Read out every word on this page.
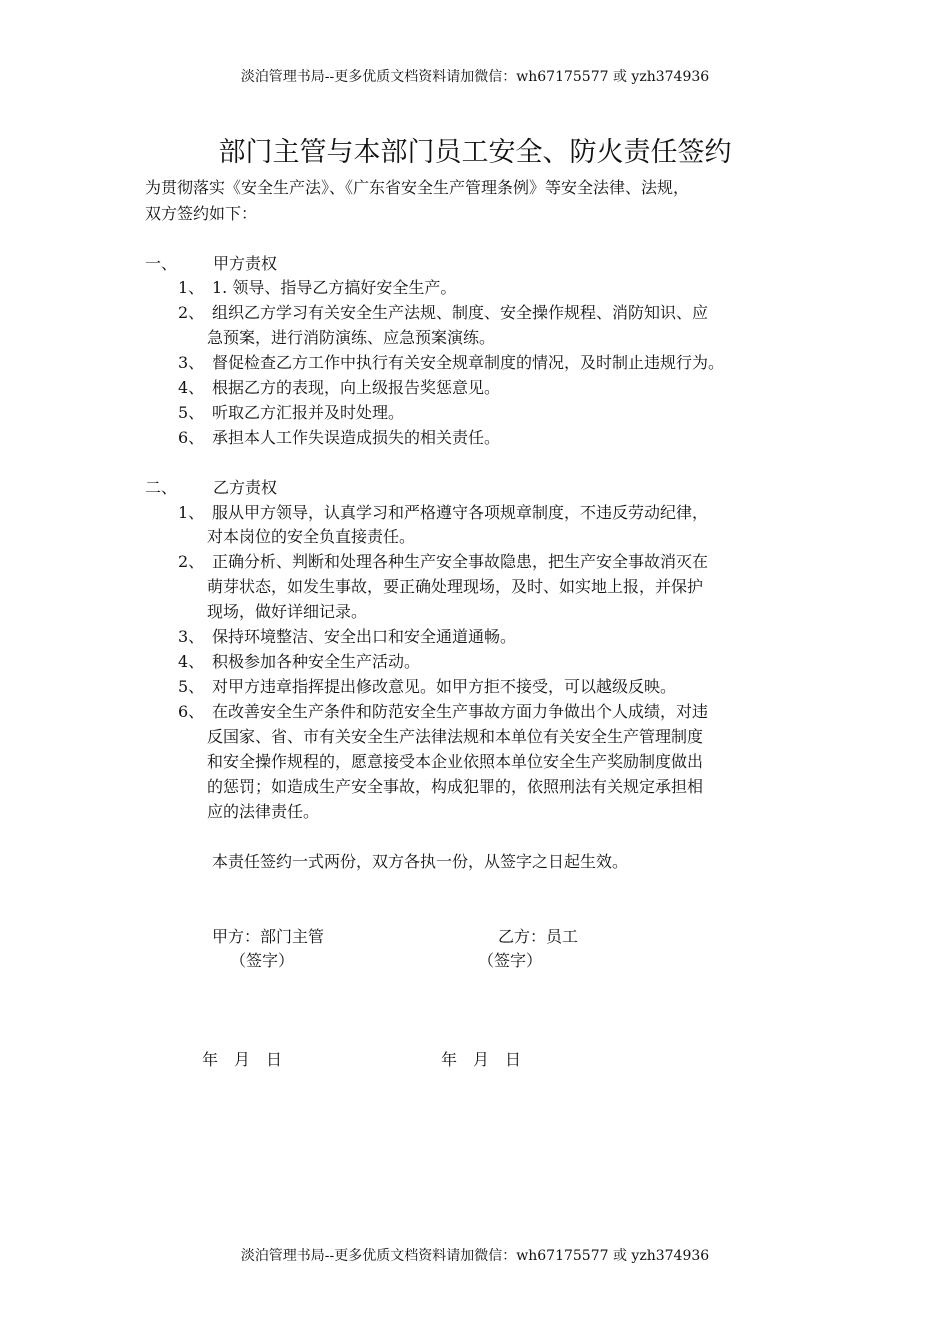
淡泊管理书局--更多优质文档资料请加微信：wh67175577 或 yzh374936
部门主管与本部门员工安全、防火责任签约
为贯彻落实《安全生产法》、《广东省安全生产管理条例》等安全法律、法规，
双方签约如下：
一、 甲方责权
1、 1. 领导、指导乙方搞好安全生产。
2、 组织乙方学习有关安全生产法规、制度、安全操作规程、消防知识、应
急预案，进行消防演练、应急预案演练。
3、 督促检查乙方工作中执行有关安全规章制度的情况，及时制止违规行为。
4、 根据乙方的表现，向上级报告奖惩意见。
5、 听取乙方汇报并及时处理。
6、 承担本人工作失误造成损失的相关责任。
二、 乙方责权
1、 服从甲方领导，认真学习和严格遵守各项规章制度，不违反劳动纪律，
对本岗位的安全负直接责任。
2、 正确分析、判断和处理各种生产安全事故隐患，把生产安全事故消灭在
萌芽状态，如发生事故，要正确处理现场，及时、如实地上报，并保护
现场，做好详细记录。
3、 保持环境整洁、安全出口和安全通道通畅。
4、 积极参加各种安全生产活动。
5、 对甲方违章指挥提出修改意见。如甲方拒不接受，可以越级反映。
6、 在改善安全生产条件和防范安全生产事故方面力争做出个人成绩，对违
反国家、省、市有关安全生产法律法规和本单位有关安全生产管理制度
和安全操作规程的，愿意接受本企业依照本单位安全生产奖励制度做出
的惩罚；如造成生产安全事故，构成犯罪的，依照刑法有关规定承担相
应的法律责任。
本责任签约一式两份，双方各执一份，从签字之日起生效。
甲方：部门主管	乙方：员工
（签字）	（签字）
年　月　日	年　月　日
淡泊管理书局--更多优质文档资料请加微信：wh67175577 或 yzh374936
